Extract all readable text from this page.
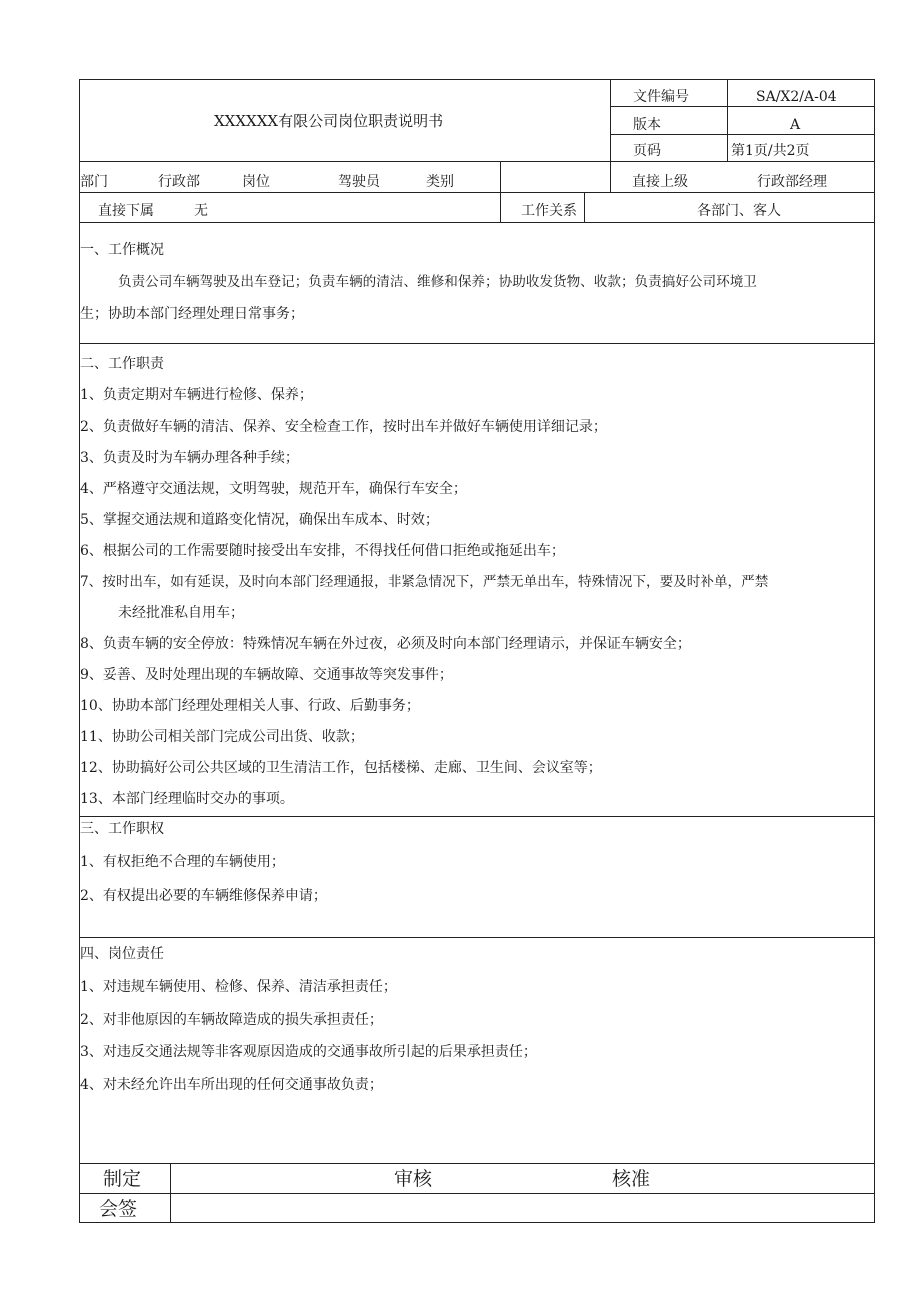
XXXXXX有限公司岗位职责说明书
文件编号	SA/X2/A-04
版本	A
页码	第1页/共2页
部门	行政部	岗位	驾驶员	类别	直接上级	行政部经理
直接下属	无	工作关系	各部门、客人
一、工作概况
负责公司车辆驾驶及出车登记；负责车辆的清洁、维修和保养；协助收发货物、收款；负责搞好公司环境卫
生；协助本部门经理处理日常事务；
二、工作职责
1、负责定期对车辆进行检修、保养；
2、负责做好车辆的清洁、保养、安全检查工作，按时出车并做好车辆使用详细记录；
3、负责及时为车辆办理各种手续；
4、严格遵守交通法规，文明驾驶，规范开车，确保行车安全；
5、掌握交通法规和道路变化情况，确保出车成本、时效；
6、根据公司的工作需要随时接受出车安排，不得找任何借口拒绝或拖延出车；
7、按时出车，如有延误，及时向本部门经理通报，非紧急情况下，严禁无单出车，特殊情况下，要及时补单，严禁
未经批准私自用车；
8、负责车辆的安全停放：特殊情况车辆在外过夜，必须及时向本部门经理请示，并保证车辆安全；
9、妥善、及时处理出现的车辆故障、交通事故等突发事件；
10、协助本部门经理处理相关人事、行政、后勤事务；
11、协助公司相关部门完成公司出货、收款；
12、协助搞好公司公共区域的卫生清洁工作，包括楼梯、走廊、卫生间、会议室等；
13、本部门经理临时交办的事项。
三、工作职权
1、有权拒绝不合理的车辆使用；
2、有权提出必要的车辆维修保养申请；
四、岗位责任
1、对违规车辆使用、检修、保养、清洁承担责任；
2、对非他原因的车辆故障造成的损失承担责任；
3、对违反交通法规等非客观原因造成的交通事故所引起的后果承担责任；
4、对未经允许出车所出现的任何交通事故负责；
制定	审核	核准
会签
